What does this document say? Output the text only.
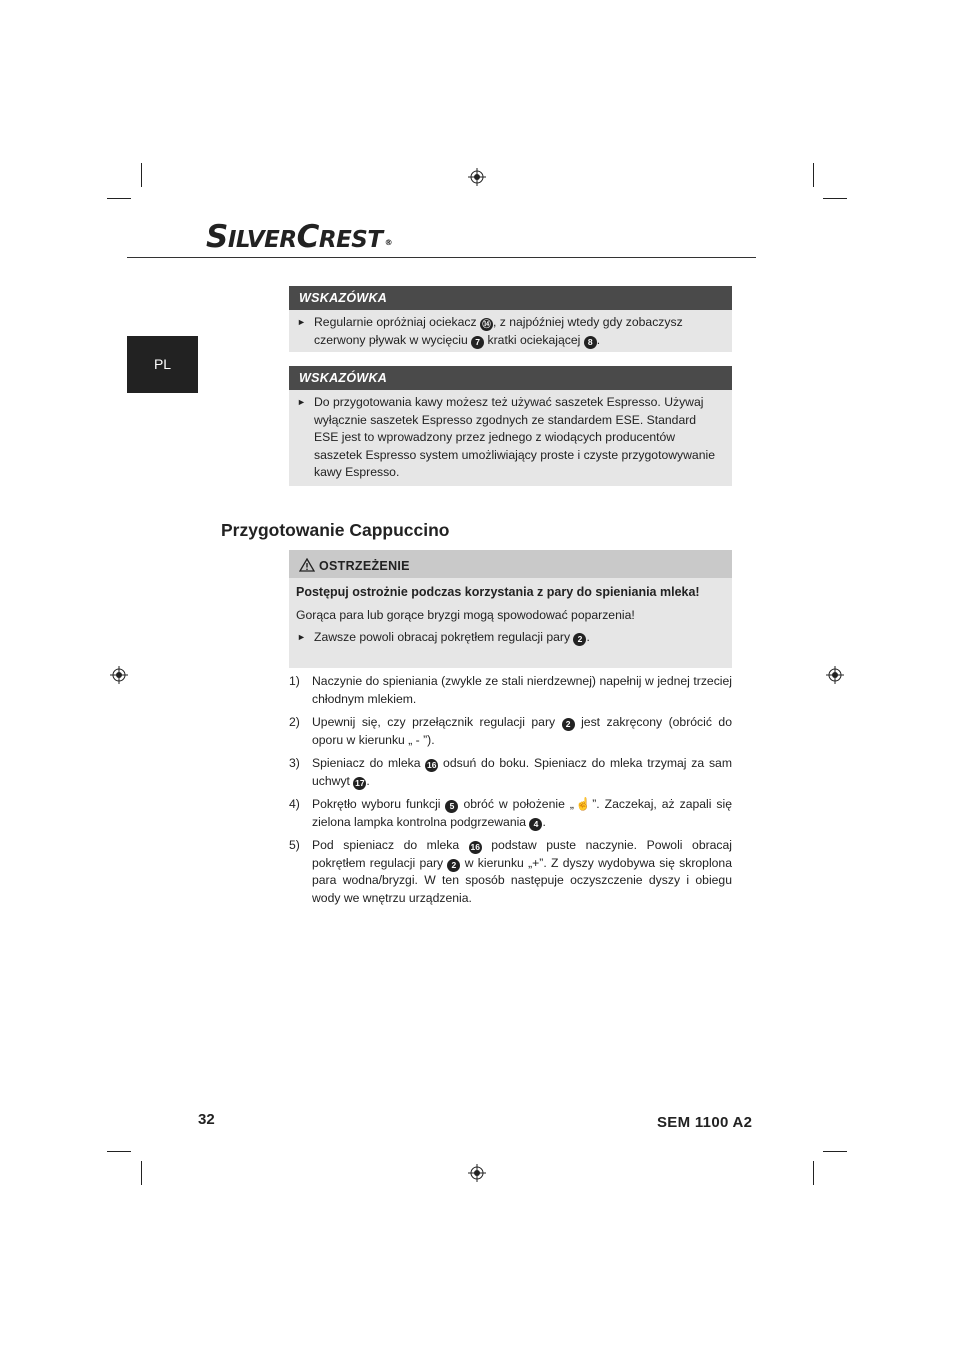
SILVERCREST ®
PL
WSKAZÓWKA
► Regularnie opróżniaj ociekacz ⑭ , z najpóźniej wtedy gdy zobaczysz czerwony pływak w wycięciu 7 kratki ociekającej 8 .
WSKAZÓWKA
► Do przygotowania kawy możesz też używać saszetek Espresso. Używaj wyłącznie saszetek Espresso zgodnych ze standardem ESE. Standard ESE jest to wprowadzony przez jednego z wiodących producentów saszetek Espresso system umożliwiający proste i czyste przygotowywanie kawy Espresso.
Przygotowanie Cappuccino
OSTRZEŻENIE
Postępuj ostrożnie podczas korzystania z pary do spieniania mleka!
Gorąca para lub gorące bryzgi mogą spowodować poparzenia!
► Zawsze powoli obracaj pokrętłem regulacji pary 2 .
1) Naczynie do spieniania (zwykle ze stali nierdzewnej) napełnij w jednej trzeciej chłodnym mlekiem.
2) Upewnij się, czy przełącznik regulacji pary 2 jest zakręcony (obrócić do oporu w kierunku „ - ”).
3) Spieniacz do mleka 16 odsuń do boku. Spieniacz do mleka trzymaj za sam uchwyt 17 .
4) Pokrętło wyboru funkcji 5 obróć w położenie „☝”. Zaczekaj, aż zapali się zielona lampka kontrolna podgrzewania 4 .
5) Pod spieniacz do mleka 16 podstaw puste naczynie. Powoli obracaj pokrętłem regulacji pary 2 w kierunku „+”. Z dyszy wydobywa się skroplona para wodna/bryzgi. W ten sposób następuje oczyszczenie dyszy i obiegu wody we wnętrzu urządzenia.
32	SEM 1100 A2
